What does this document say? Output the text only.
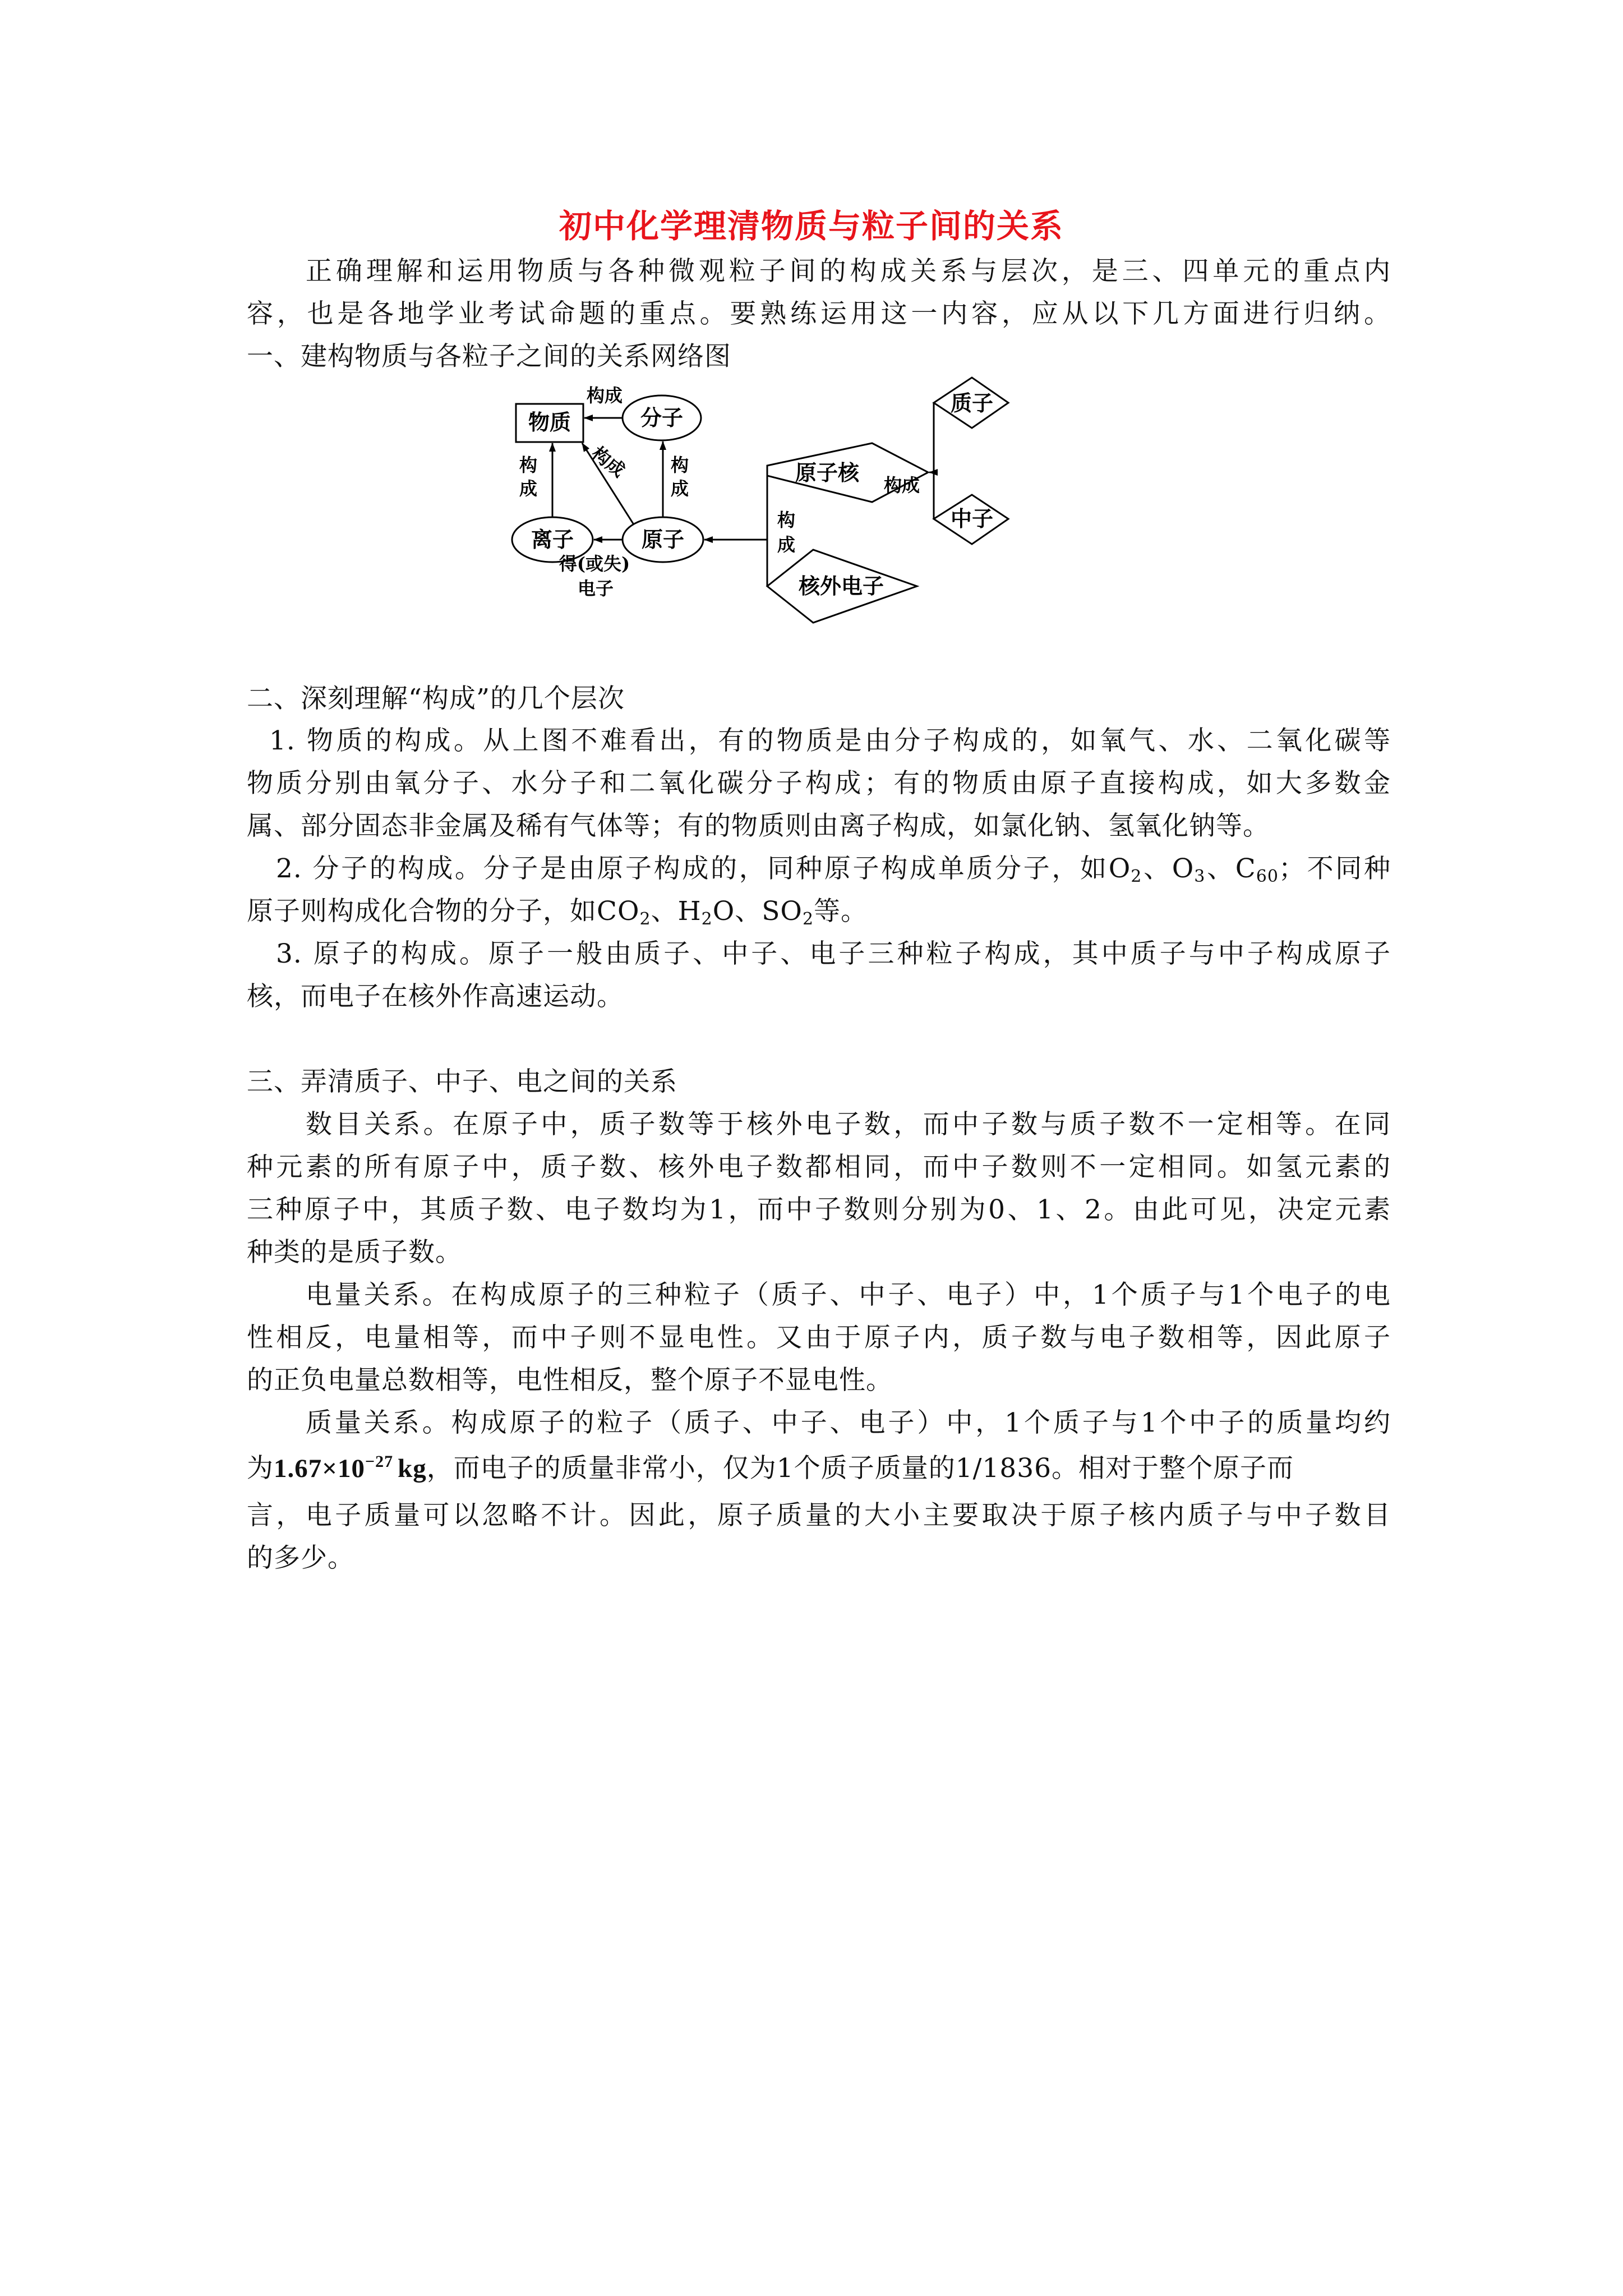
初中化学理清物质与粒子间的关系

正确理解和运用物质与各种微观粒子间的构成关系与层次，是三、四单元的重点内

容，也是各地学业考试命题的重点。要熟练运用这一内容，应从以下几方面进行归纳。

一、建构物质与各粒子之间的关系网络图

物质	分子
离子	原子
原子核
质子
中子
核外电子
构成
构
成
构成 构
成
得(或失)
电子
构
成
构成

二、深刻理解“构成”的几个层次

1. 物质的构成。从上图不难看出，有的物质是由分子构成的，如氧气、水、二氧化碳等

物质分别由氧分子、水分子和二氧化碳分子构成；有的物质由原子直接构成，如大多数金

属、部分固态非金属及稀有气体等；有的物质则由离子构成，如氯化钠、氢氧化钠等。

2. 分子的构成。分子是由原子构成的，同种原子构成单质分子，如$O_2$、$O_3$、$C_{60}$；不同种

原子则构成化合物的分子，如$CO_2$、$H_2O$、$SO_2$等。

3. 原子的构成。原子一般由质子、中子、电子三种粒子构成，其中质子与中子构成原子

核，而电子在核外作高速运动。

三、弄清质子、中子、电之间的关系

数目关系。在原子中，质子数等于核外电子数，而中子数与质子数不一定相等。在同

种元素的所有原子中，质子数、核外电子数都相同，而中子数则不一定相同。如氢元素的

三种原子中，其质子数、电子数均为1，而中子数则分别为0、1、2。由此可见，决定元素

种类的是质子数。

电量关系。在构成原子的三种粒子（质子、中子、电子）中，1个质子与1个电子的电

性相反，电量相等，而中子则不显电性。又由于原子内，质子数与电子数相等，因此原子

的正负电量总数相等，电性相反，整个原子不显电性。

质量关系。构成原子的粒子（质子、中子、电子）中，1个质子与1个中子的质量均约

为$1.67\times 10^{-27}$ kg，而电子的质量非常小，仅为1个质子质量的1/1836。相对于整个原子而

言，电子质量可以忽略不计。因此，原子质量的大小主要取决于原子核内质子与中子数目

的多少。
